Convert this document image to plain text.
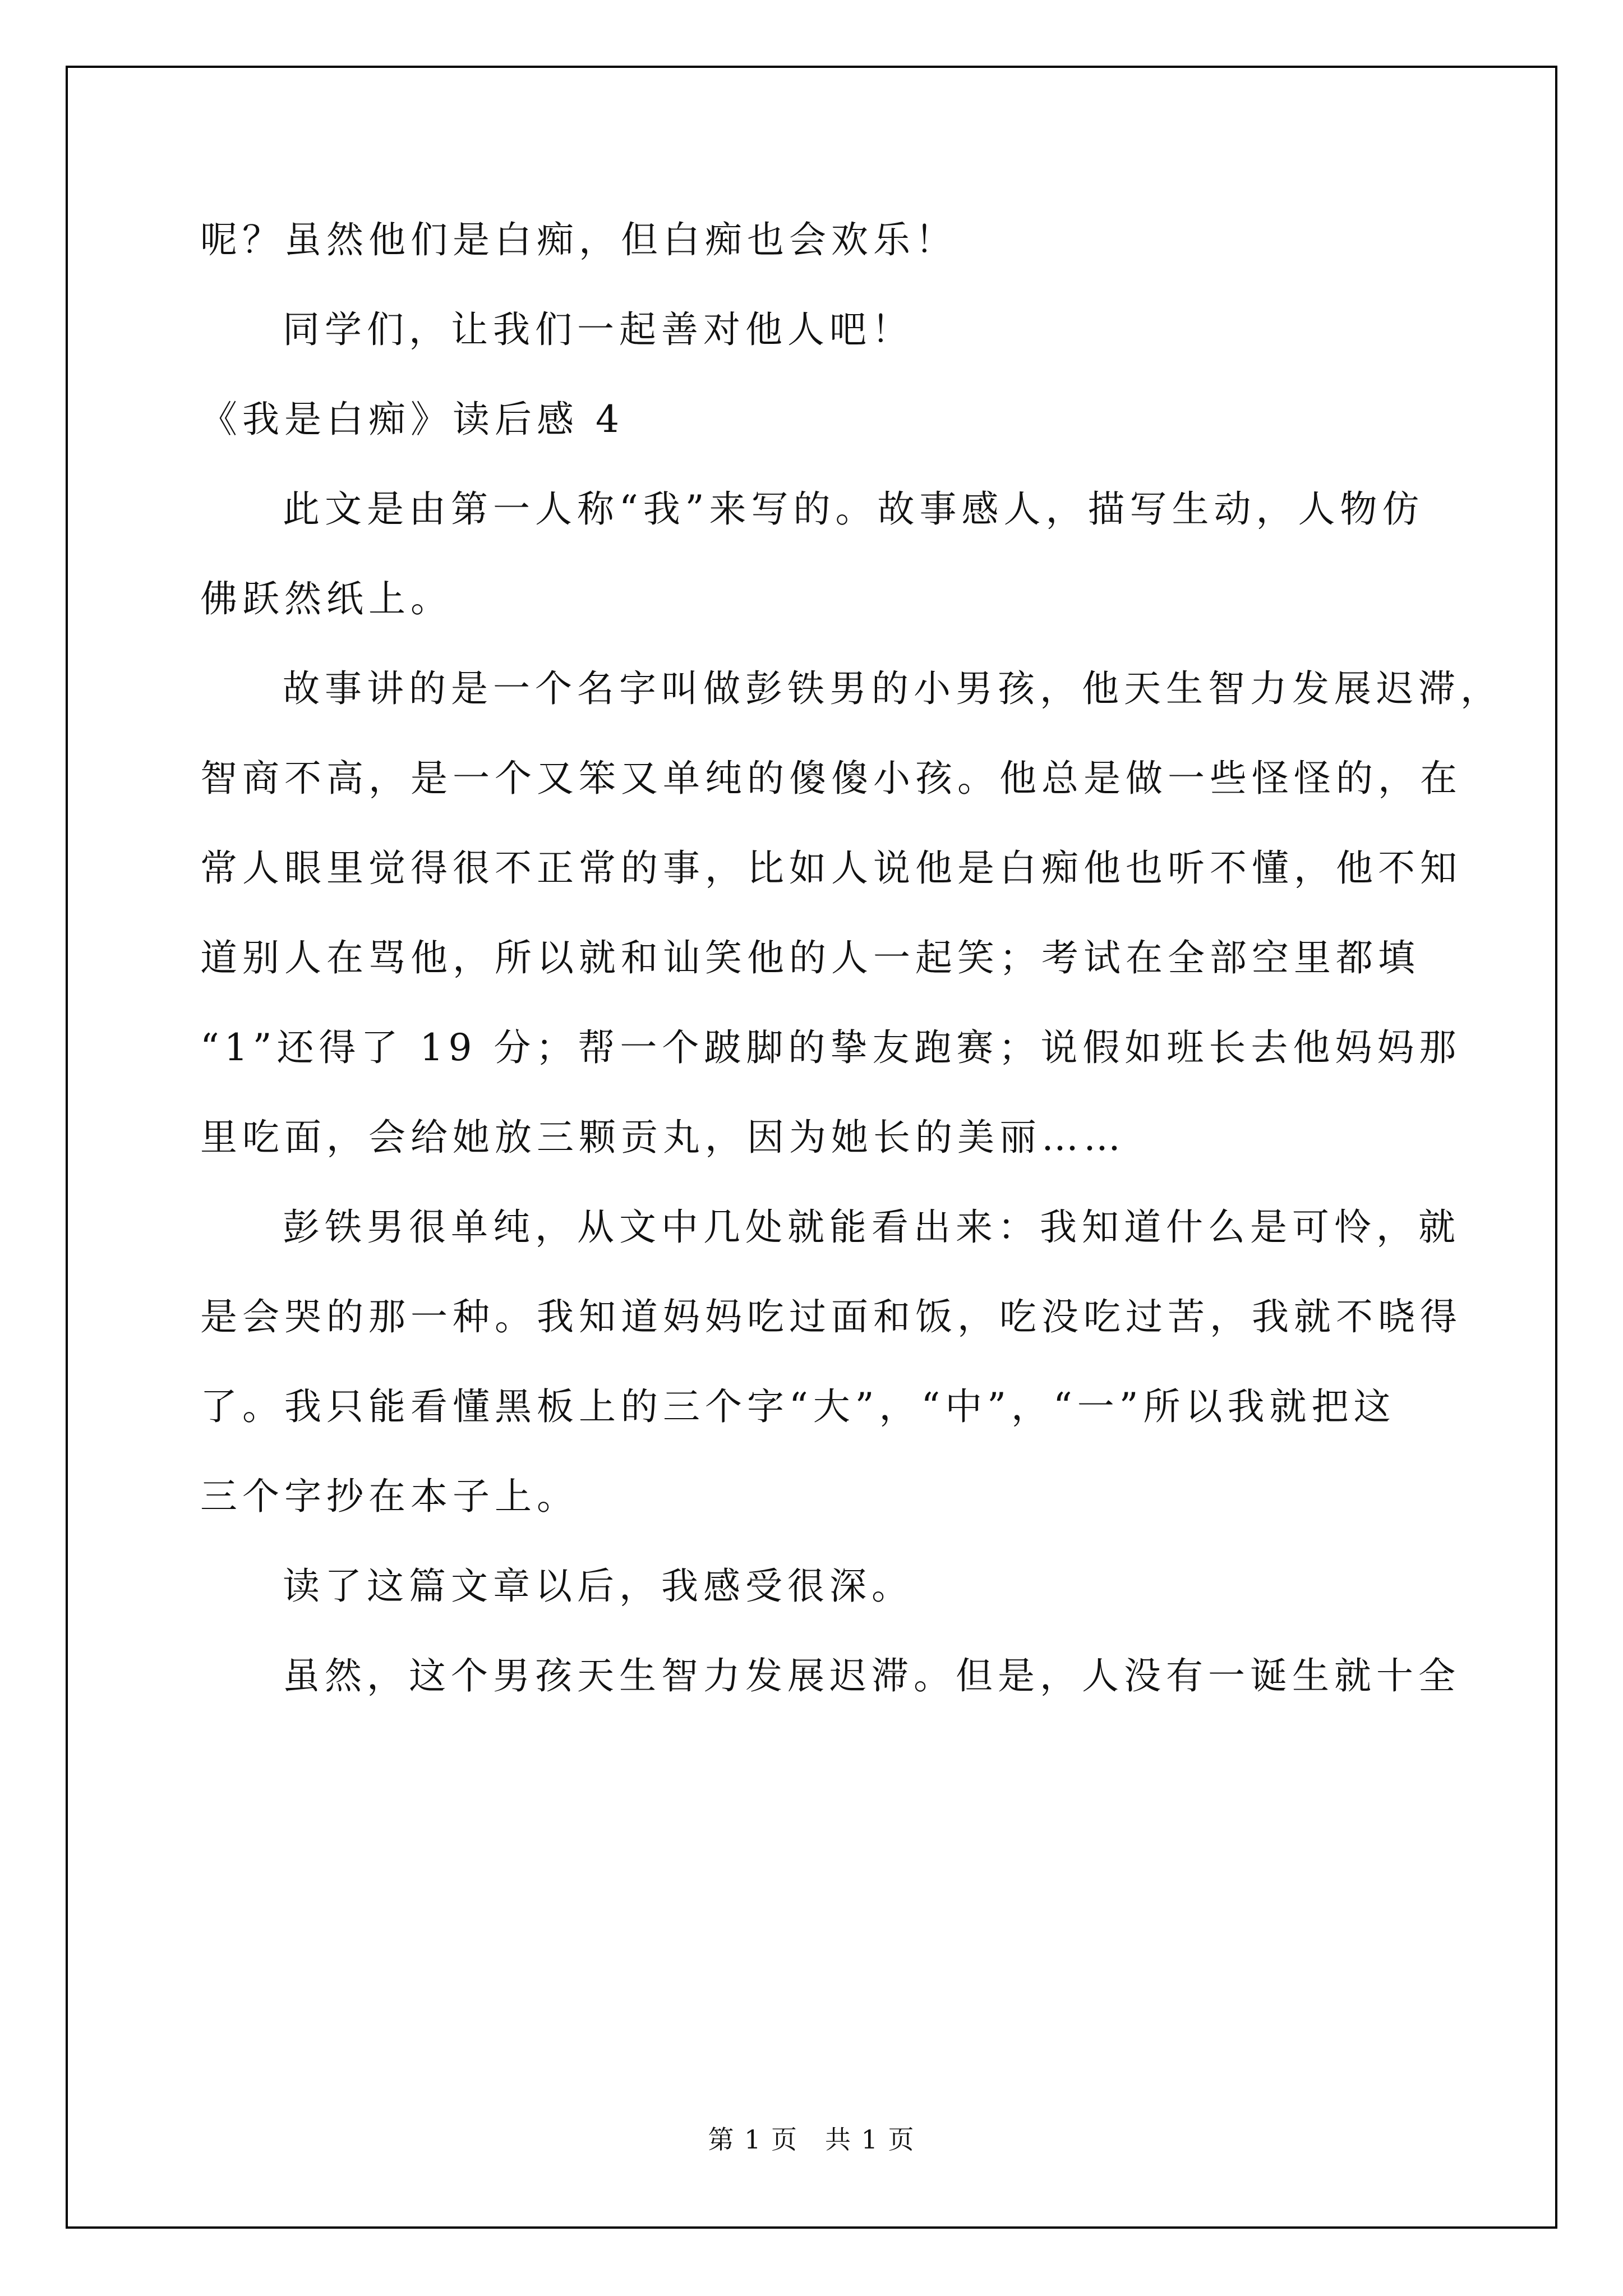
呢？虽然他们是白痴，但白痴也会欢乐！
同学们，让我们一起善对他人吧！
《我是白痴》读后感 4
此文是由第一人称“我”来写的。故事感人，描写生动，人物仿
佛跃然纸上。
故事讲的是一个名字叫做彭铁男的小男孩，他天生智力发展迟滞，
智商不高，是一个又笨又单纯的傻傻小孩。他总是做一些怪怪的，在
常人眼里觉得很不正常的事，比如人说他是白痴他也听不懂，他不知
道别人在骂他，所以就和讪笑他的人一起笑；考试在全部空里都填
“1”还得了 19 分；帮一个跛脚的挚友跑赛；说假如班长去他妈妈那
里吃面，会给她放三颗贡丸，因为她长的美丽……
彭铁男很单纯，从文中几处就能看出来：我知道什么是可怜，就
是会哭的那一种。我知道妈妈吃过面和饭，吃没吃过苦，我就不晓得
了。我只能看懂黑板上的三个字“大”，“中”，“一”所以我就把这
三个字抄在本子上。
读了这篇文章以后，我感受很深。
虽然，这个男孩天生智力发展迟滞。但是，人没有一诞生就十全
第 1 页　共 1 页
